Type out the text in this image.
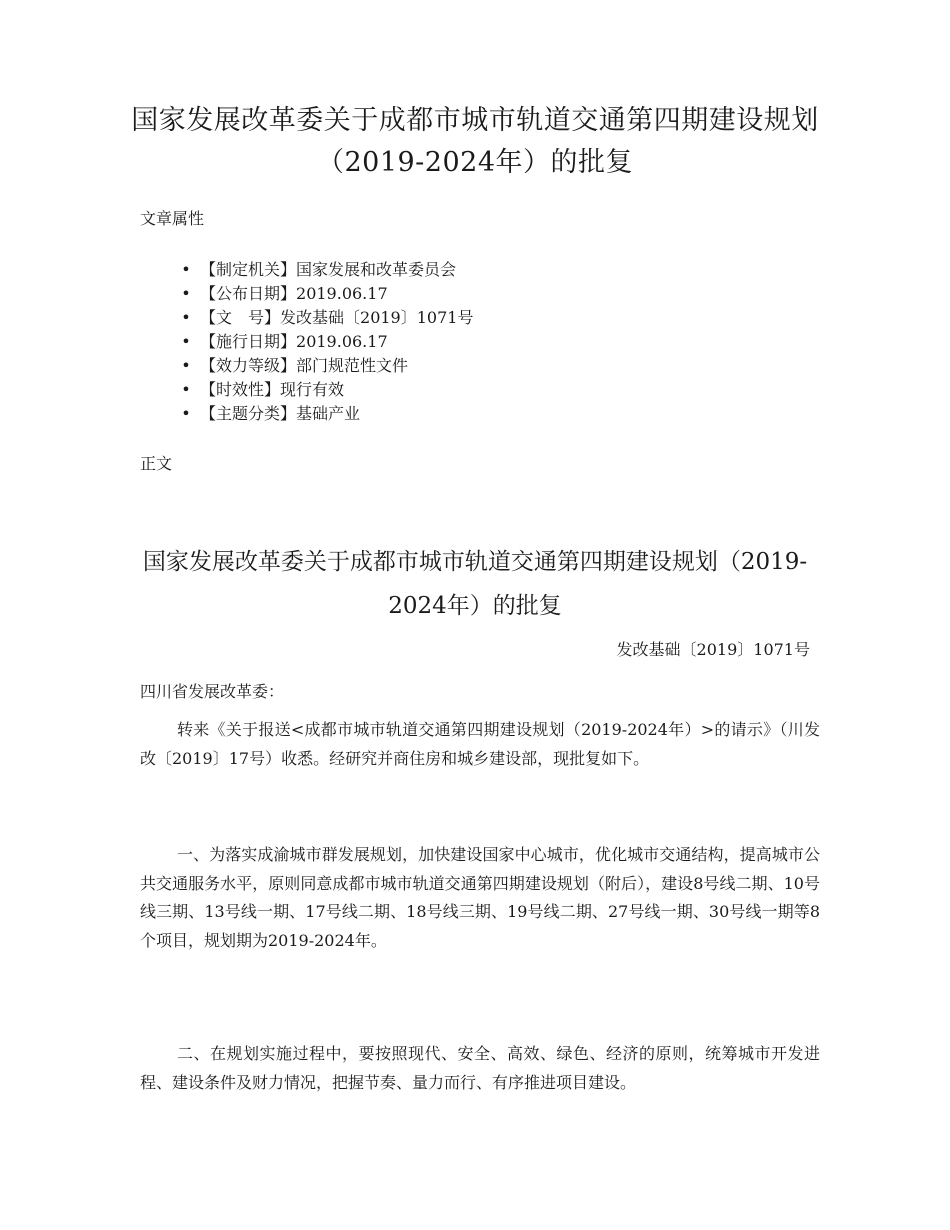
国家发展改革委关于成都市城市轨道交通第四期建设规划（2019-2024年）的批复

文章属性

• 【制定机关】国家发展和改革委员会
• 【公布日期】2019.06.17
• 【文　号】发改基础〔2019〕1071号
• 【施行日期】2019.06.17
• 【效力等级】部门规范性文件
• 【时效性】现行有效
• 【主题分类】基础产业

正文

国家发展改革委关于成都市城市轨道交通第四期建设规划（2019-2024年）的批复

发改基础〔2019〕1071号

四川省发展改革委：

转来《关于报送<成都市城市轨道交通第四期建设规划（2019-2024年）>的请示》（川发改〔2019〕17号）收悉。经研究并商住房和城乡建设部，现批复如下。

一、为落实成渝城市群发展规划，加快建设国家中心城市，优化城市交通结构，提高城市公共交通服务水平，原则同意成都市城市轨道交通第四期建设规划（附后），建设8号线二期、10号线三期、13号线一期、17号线二期、18号线三期、19号线二期、27号线一期、30号线一期等8个项目，规划期为2019-2024年。

二、在规划实施过程中，要按照现代、安全、高效、绿色、经济的原则，统筹城市开发进程、建设条件及财力情况，把握节奏、量力而行、有序推进项目建设。
